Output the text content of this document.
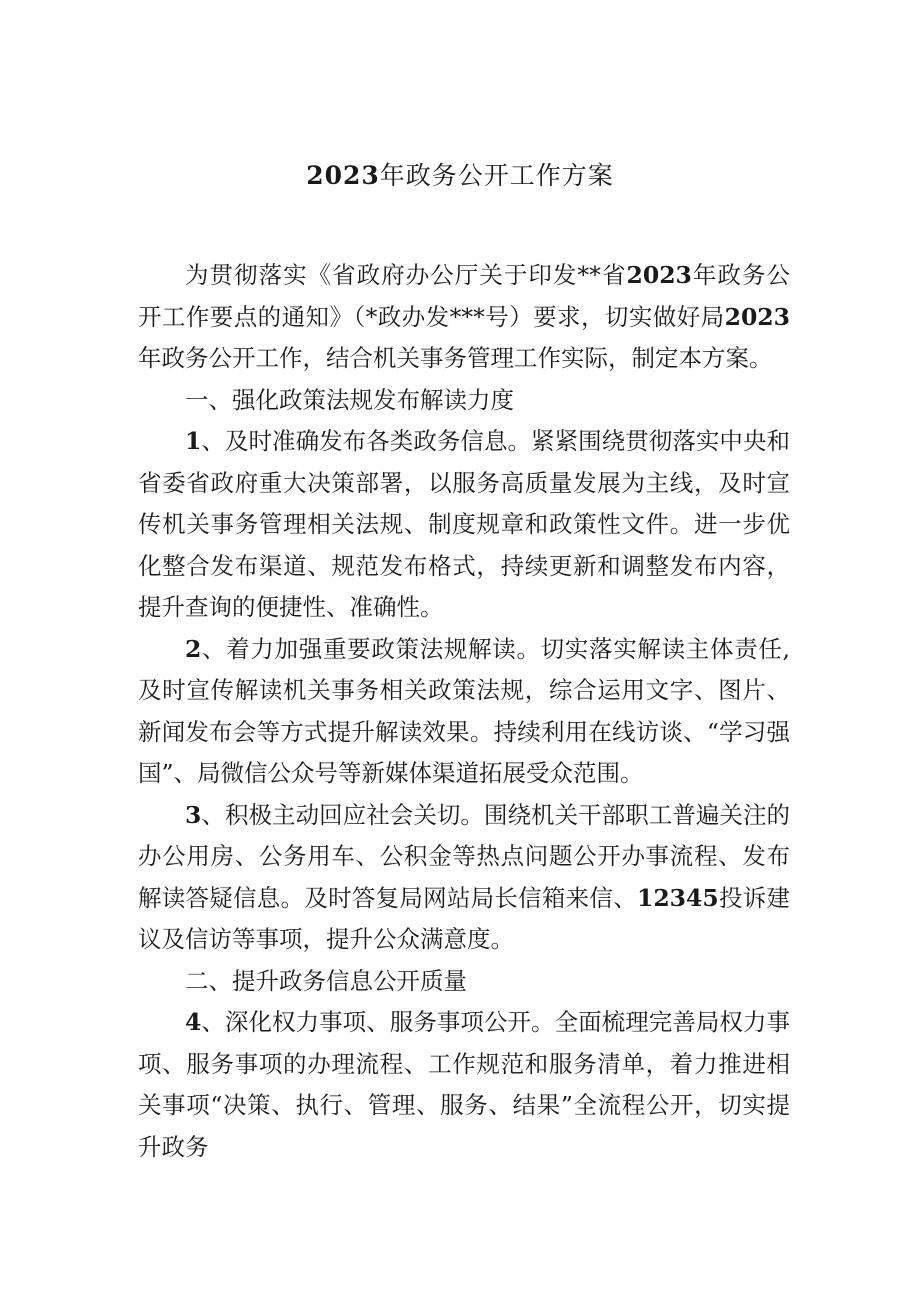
2023年政务公开工作方案

为贯彻落实《省政府办公厅关于印发**省2023年政务公开工作要点的通知》（*政办发***号）要求，切实做好局2023年政务公开工作，结合机关事务管理工作实际，制定本方案。

一、强化政策法规发布解读力度

1、及时准确发布各类政务信息。紧紧围绕贯彻落实中央和省委省政府重大决策部署，以服务高质量发展为主线，及时宣传机关事务管理相关法规、制度规章和政策性文件。进一步优化整合发布渠道、规范发布格式，持续更新和调整发布内容，提升查询的便捷性、准确性。

2、着力加强重要政策法规解读。切实落实解读主体责任,及时宣传解读机关事务相关政策法规，综合运用文字、图片、新闻发布会等方式提升解读效果。持续利用在线访谈、“学习强国”、局微信公众号等新媒体渠道拓展受众范围。

3、积极主动回应社会关切。围绕机关干部职工普遍关注的办公用房、公务用车、公积金等热点问题公开办事流程、发布解读答疑信息。及时答复局网站局长信箱来信、12345投诉建议及信访等事项，提升公众满意度。

二、提升政务信息公开质量

4、深化权力事项、服务事项公开。全面梳理完善局权力事项、服务事项的办理流程、工作规范和服务清单，着力推进相关事项“决策、执行、管理、服务、结果”全流程公开，切实提升政务
